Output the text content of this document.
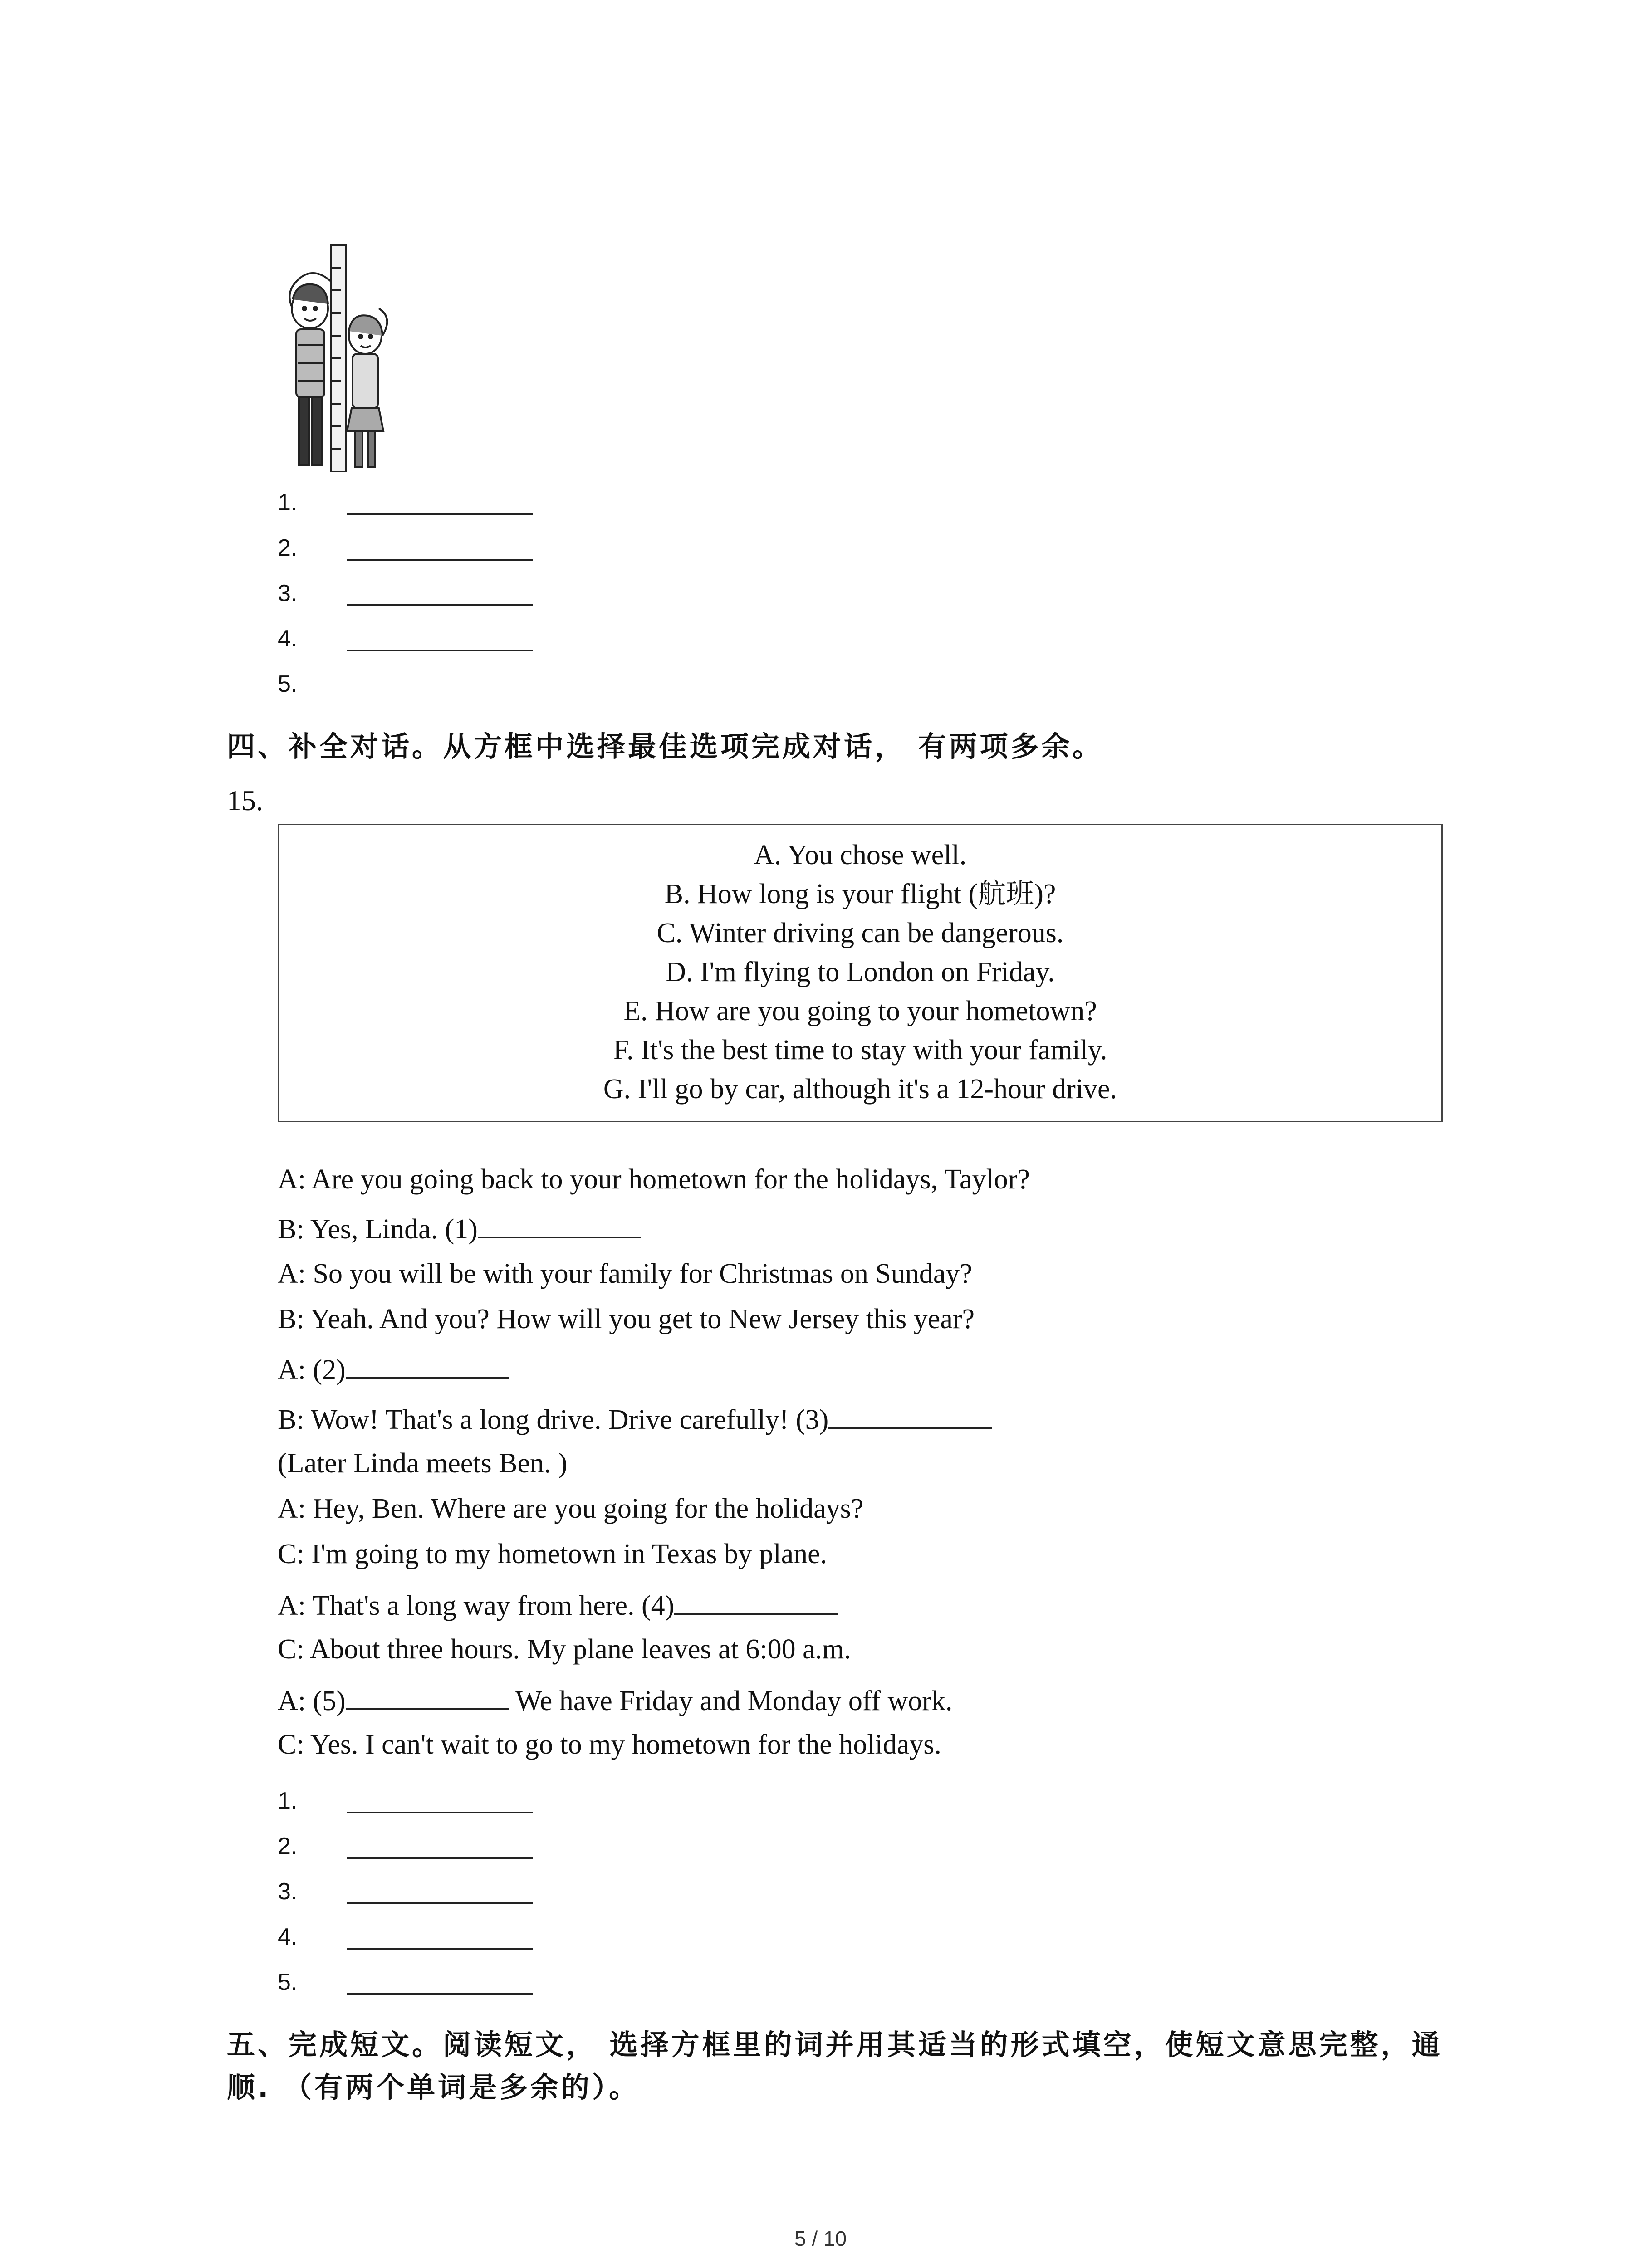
1.
2.
3.
4.
5.
四、补全对话。从方框中选择最佳选项完成对话， 有两项多余。
15.
A. You chose well.
B. How long is your flight (航班)?
C. Winter driving can be dangerous.
D. I'm flying to London on Friday.
E. How are you going to your hometown?
F. It's the best time to stay with your family.
G. I'll go by car, although it's a 12-hour drive.
A: Are you going back to your hometown for the holidays, Taylor?
B: Yes, Linda. (1)
A: So you will be with your family for Christmas on Sunday?
B: Yeah. And you? How will you get to New Jersey this year?
A: (2)
B: Wow! That's a long drive. Drive carefully! (3)
(Later Linda meets Ben. )
A: Hey, Ben. Where are you going for the holidays?
C: I'm going to my hometown in Texas by plane.
A: That's a long way from here. (4)
C: About three hours. My plane leaves at 6:00 a.m.
A: (5)	We have Friday and Monday off work.
C: Yes. I can't wait to go to my hometown for the holidays.
1.
2.
3.
4.
5.
五、完成短文。阅读短文， 选择方框里的词并用其适当的形式填空，使短文意思完整，通
顺. （有两个单词是多余的）。
5 / 10
